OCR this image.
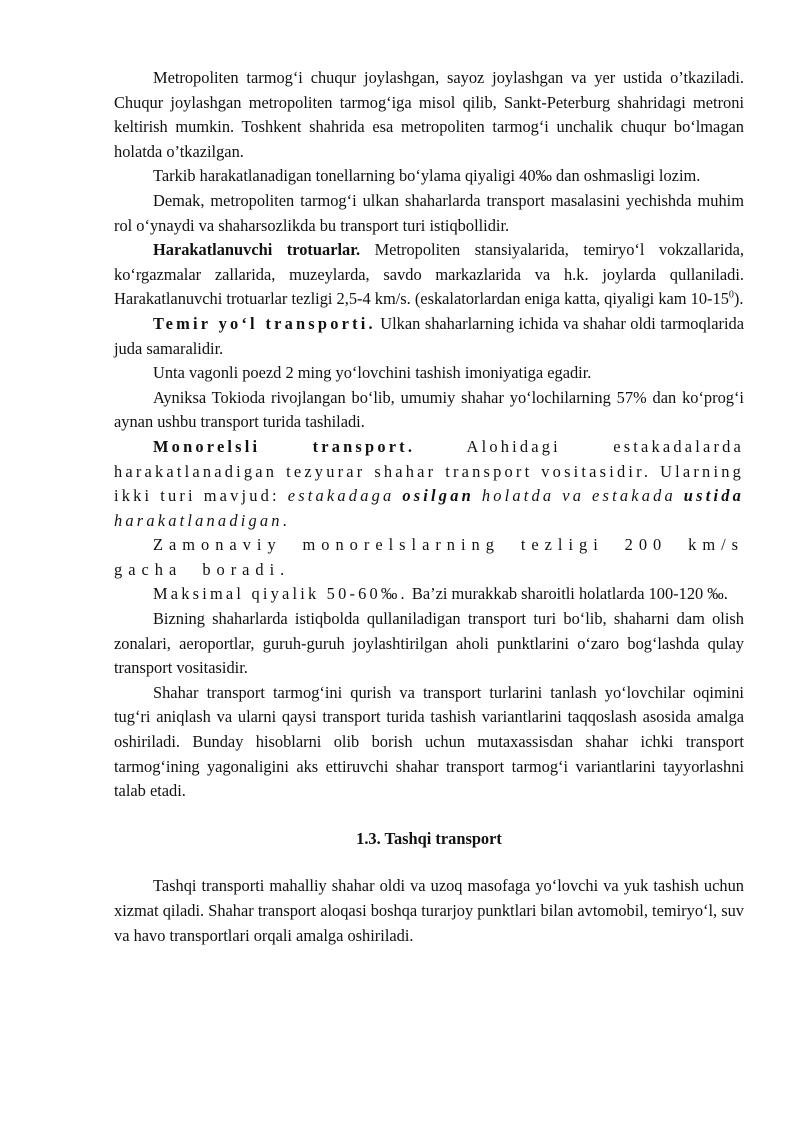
Metropoliten tarmog‘i chuqur joylashgan, sayoz joylashgan va yer ustida o’tkaziladi. Chuqur joylashgan metropoliten tarmog‘iga misol qilib, Sankt-Peterburg shahridagi metroni keltirish mumkin. Toshkent shahrida esa metropoliten tarmog‘i unchalik chuqur bo‘lmagan holatda o’tkazilgan.

Tarkib harakatlanadigan tonellarning bo‘ylama qiyaligi 40‰ dan oshmasligi lozim.

Demak, metropoliten tarmog‘i ulkan shaharlarda transport masalasini yechishda muhim rol o‘ynaydi va shaharsozlikda bu transport turi istiqbollidir.

Harakatlanuvchi trotuarlar. Metropoliten stansiyalarida, temiryo‘l vokzallarida, ko‘rgazmalar zallarida, muzeylarda, savdo markazlarida va h.k. joylarda qullaniladi. Harakatlanuvchi trotuarlar tezligi 2,5-4 km/s. (eskalatorlardan eniga katta, qiyaligi kam $10-15^0$).

Temir yo‘l transporti. Ulkan shaharlarning ichida va shahar oldi tarmoqlarida juda samaralidir.

Unta vagonli poezd 2 ming yo‘lovchini tashish imoniyatiga egadir.

Ayniksa Tokioda rivojlangan bo‘lib, umumiy shahar yo‘lochilarning 57% dan ko‘prog‘i aynan ushbu transport turida tashiladi.

Monorelsli transport. Alohidagi estakadalarda harakatlanadigan tezyurar shahar transport vositasidir. Ularning ikki turi mavjud: estakadaga osilgan holatda va estakada ustida harakatlanadigan.

Zamonaviy monorelslarning tezligi 200 km/s gacha boradi.

Maksimal qiyalik 50-60‰. Ba’zi murakkab sharoitli holatlarda 100-120 ‰.

Bizning shaharlarda istiqbolda qullaniladigan transport turi bo‘lib, shaharni dam olish zonalari, aeroportlar, guruh-guruh joylashtirilgan aholi punktlarini o‘zaro bog‘lashda qulay transport vositasidir.

Shahar transport tarmog‘ini qurish va transport turlarini tanlash yo‘lovchilar oqimini tug‘ri aniqlash va ularni qaysi transport turida tashish variantlarini taqqoslash asosida amalga oshiriladi. Bunday hisoblarni olib borish uchun mutaxassisdan shahar ichki transport tarmog‘ining yagonaligini aks ettiruvchi shahar transport tarmog‘i variantlarini tayyorlashni talab etadi.

1.3. Tashqi transport

Tashqi transporti mahalliy shahar oldi va uzoq masofaga yo‘lovchi va yuk tashish uchun xizmat qiladi. Shahar transport aloqasi boshqa turarjoy punktlari bilan avtomobil, temiryo‘l, suv va havo transportlari orqali amalga oshiriladi.
